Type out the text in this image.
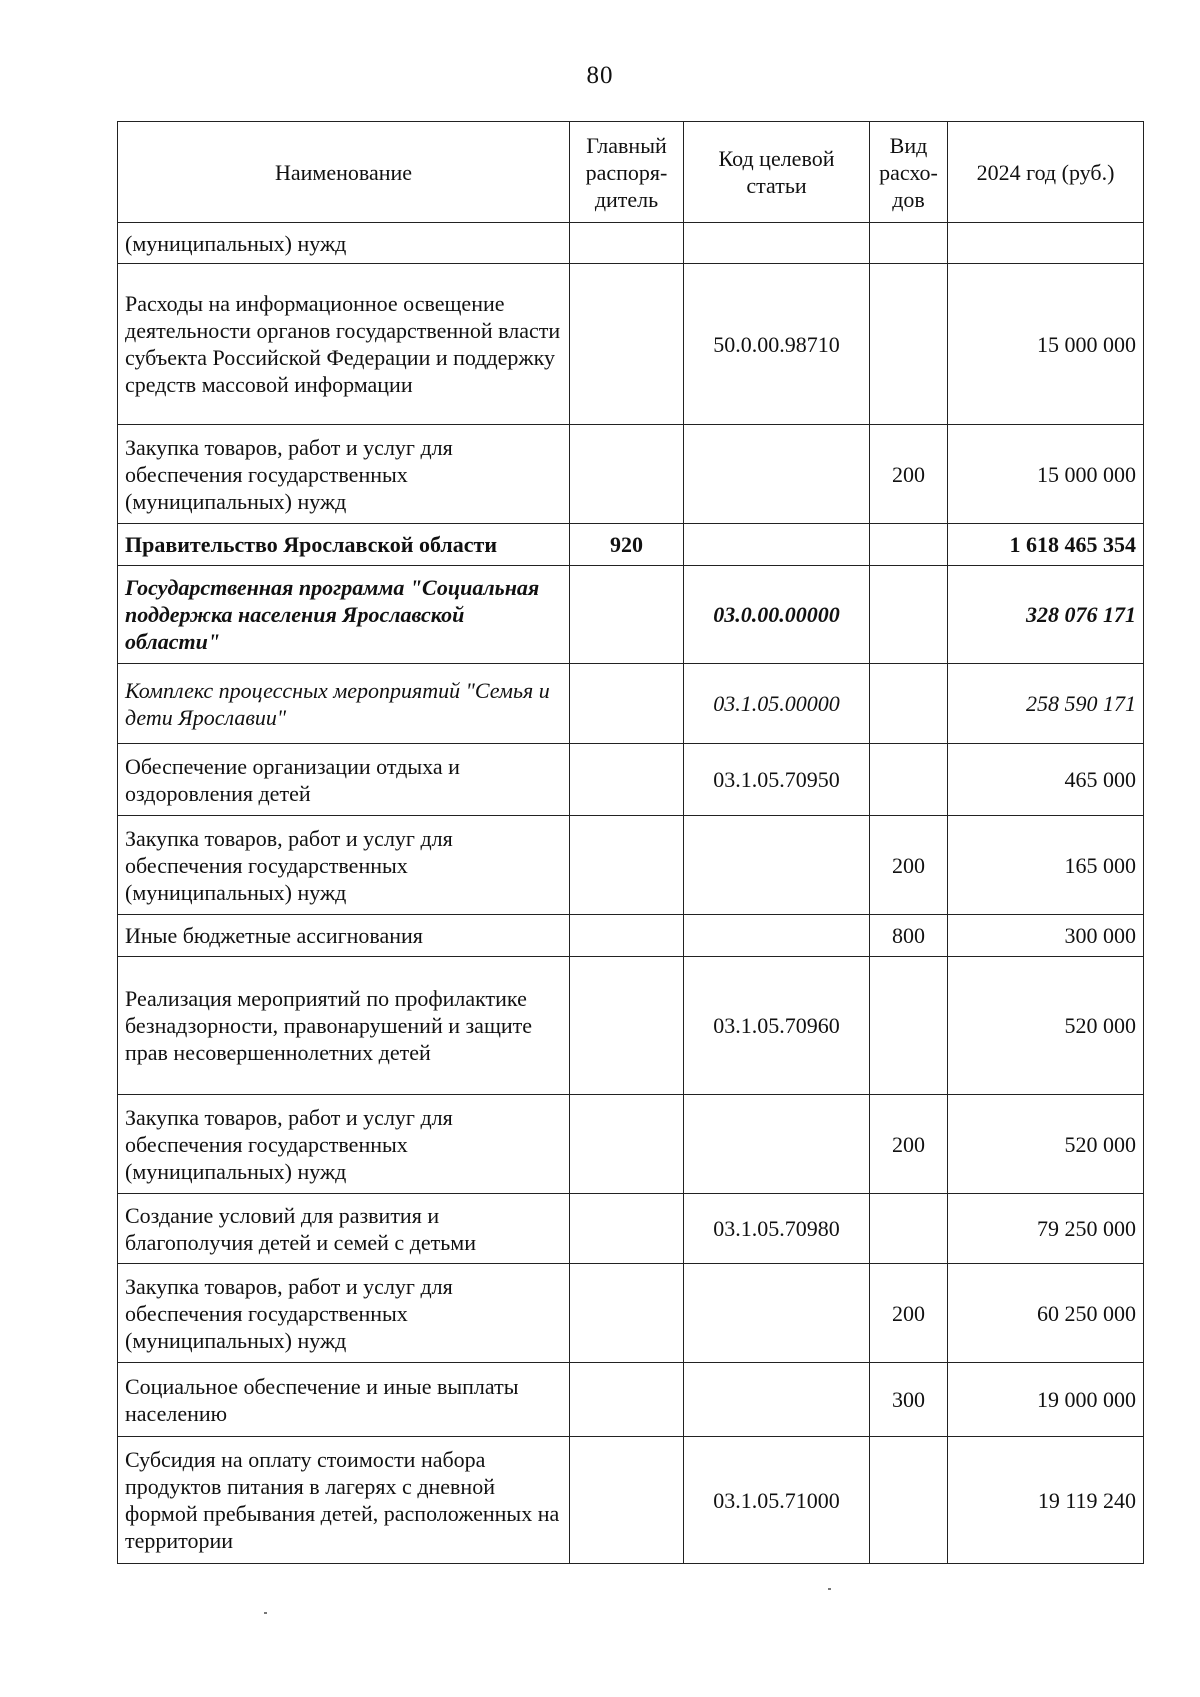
80
Наименование	Главный распоря-дитель	Код целевой статьи	Вид расхо-дов	2024 год (руб.)
(муниципальных) нужд				
Расходы на информационное освещение деятельности органов государственной власти субъекта Российской Федерации и поддержку средств массовой информации		50.0.00.98710		15 000 000
Закупка товаров, работ и услуг для обеспечения государственных (муниципальных) нужд			200	15 000 000
Правительство Ярославской области	920			1 618 465 354
Государственная программа "Социальная поддержка населения Ярославской области"		03.0.00.00000		328 076 171
Комплекс процессных мероприятий "Семья и дети Ярославии"		03.1.05.00000		258 590 171
Обеспечение организации отдыха и оздоровления детей		03.1.05.70950		465 000
Закупка товаров, работ и услуг для обеспечения государственных (муниципальных) нужд			200	165 000
Иные бюджетные ассигнования			800	300 000
Реализация мероприятий по профилактике безнадзорности, правонарушений и защите прав несовершеннолетних детей		03.1.05.70960		520 000
Закупка товаров, работ и услуг для обеспечения государственных (муниципальных) нужд			200	520 000
Создание условий для развития и благополучия детей и семей с детьми		03.1.05.70980		79 250 000
Закупка товаров, работ и услуг для обеспечения государственных (муниципальных) нужд			200	60 250 000
Социальное обеспечение и иные выплаты населению			300	19 000 000
Субсидия на оплату стоимости набора продуктов питания в лагерях с дневной формой пребывания детей, расположенных на территории		03.1.05.71000		19 119 240
